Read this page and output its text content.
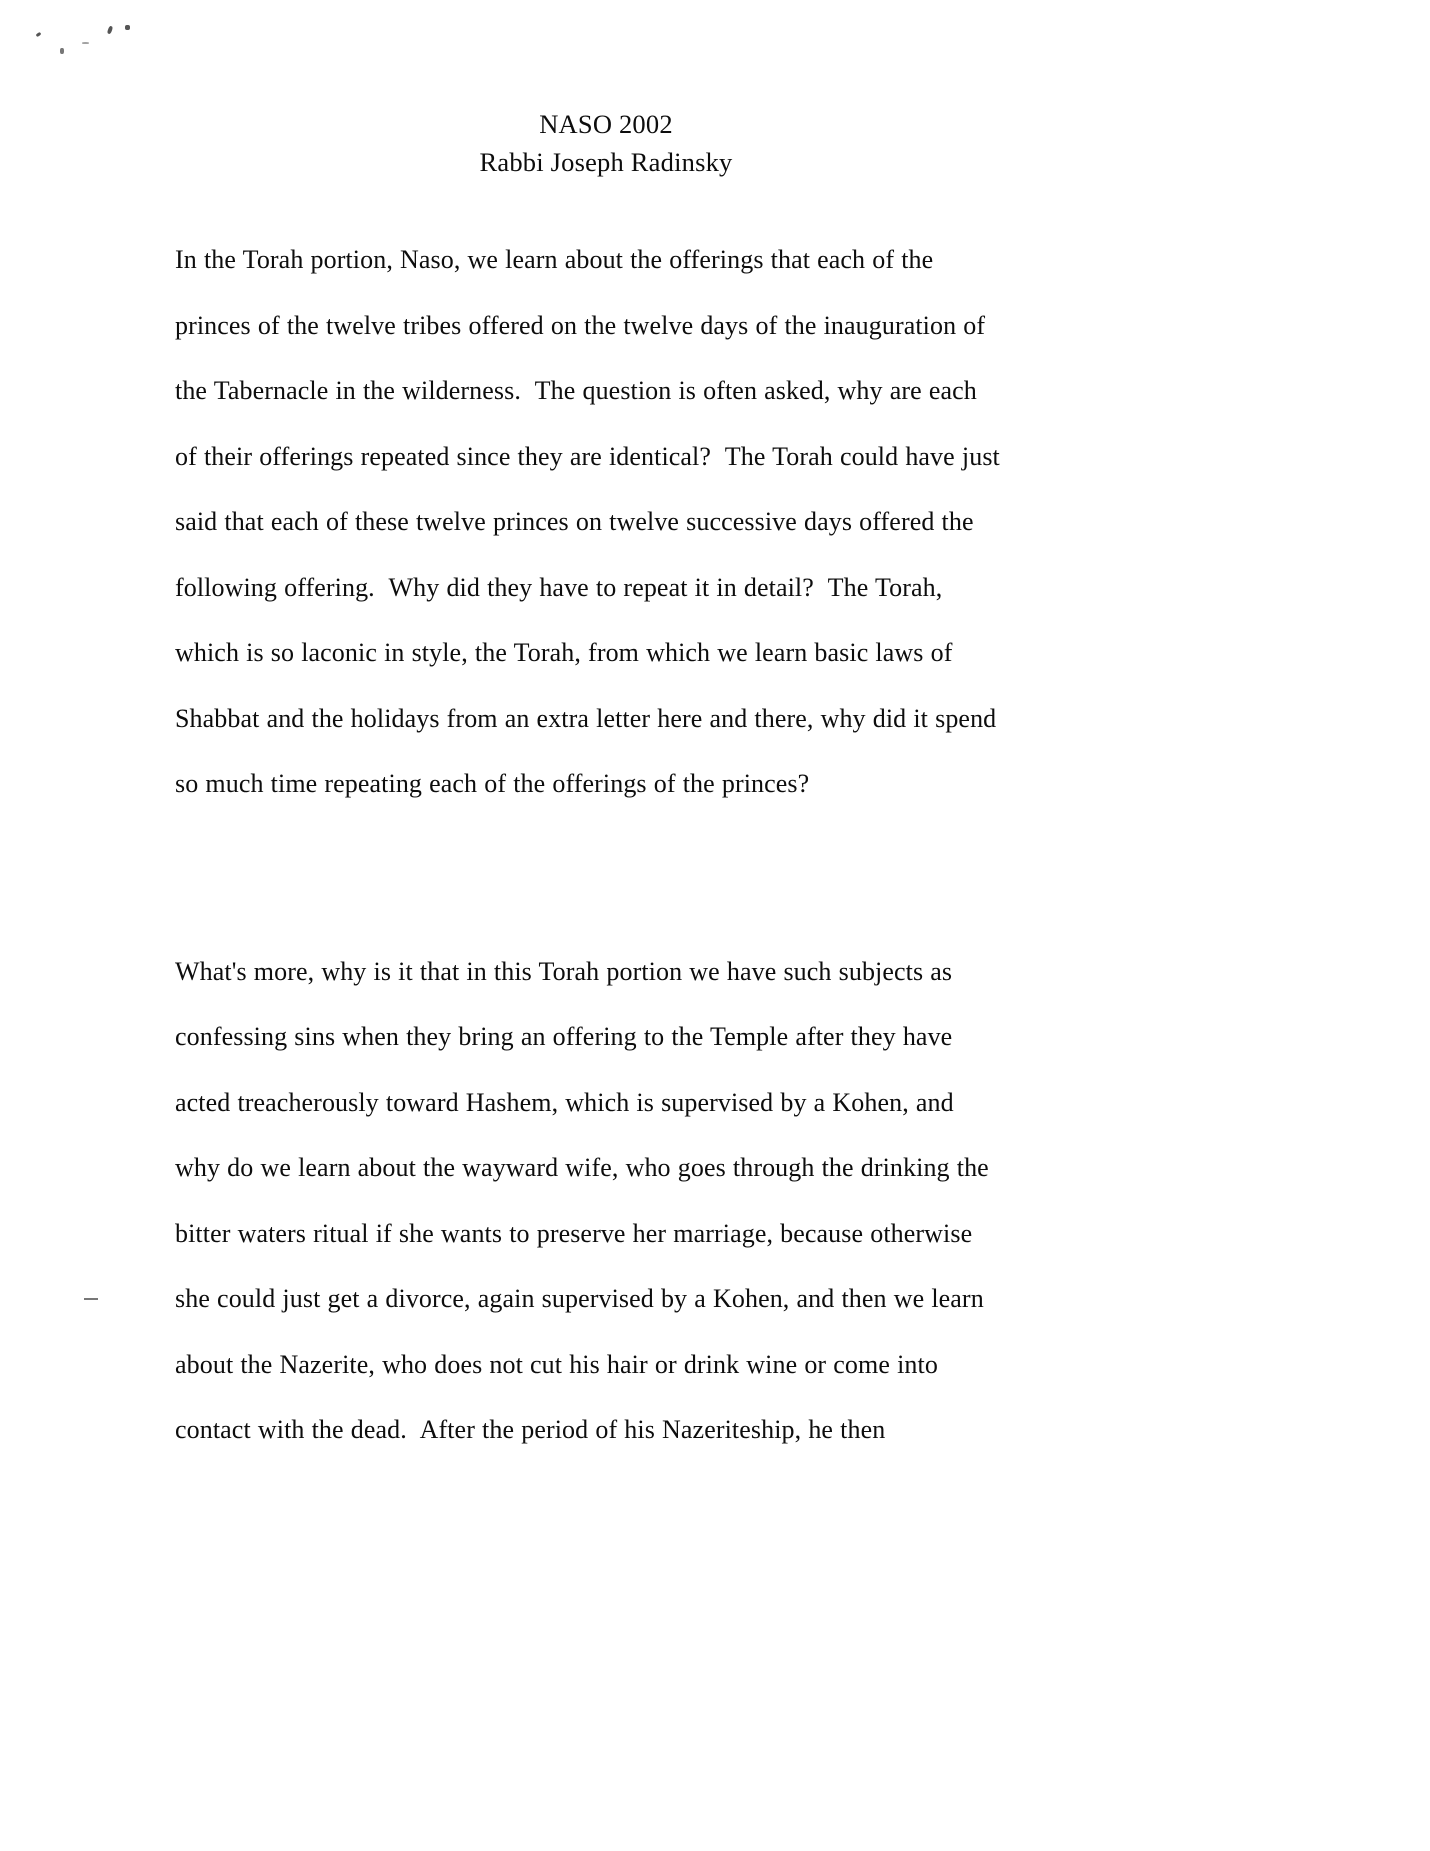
NASO 2002
Rabbi Joseph Radinsky

In the Torah portion, Naso, we learn about the offerings that each of the
princes of the twelve tribes offered on the twelve days of the inauguration of
the Tabernacle in the wilderness.  The question is often asked, why are each
of their offerings repeated since they are identical?  The Torah could have just
said that each of these twelve princes on twelve successive days offered the
following offering.  Why did they have to repeat it in detail?  The Torah,
which is so laconic in style, the Torah, from which we learn basic laws of
Shabbat and the holidays from an extra letter here and there, why did it spend
so much time repeating each of the offerings of the princes?

What's more, why is it that in this Torah portion we have such subjects as
confessing sins when they bring an offering to the Temple after they have
acted treacherously toward Hashem, which is supervised by a Kohen, and
why do we learn about the wayward wife, who goes through the drinking the
bitter waters ritual if she wants to preserve her marriage, because otherwise
she could just get a divorce, again supervised by a Kohen, and then we learn
about the Nazerite, who does not cut his hair or drink wine or come into
contact with the dead.  After the period of his Nazeriteship, he then
